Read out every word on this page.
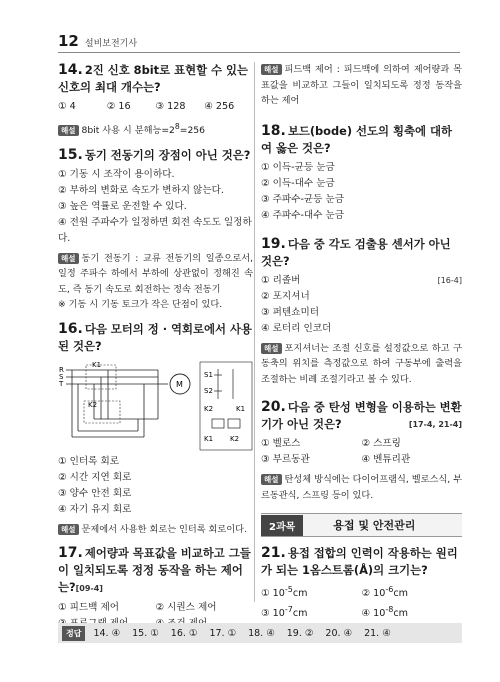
12 설비보전기사
14. 2진 신호 8bit로 표현할 수 있는 신호의 최대 개수는?
① 4	② 16	③ 128	④ 256
해설 8bit 사용 시 분해능$=2^8=256$
15. 동기 전동기의 장점이 아닌 것은?
① 기동 시 조작이 용이하다.
② 부하의 변화로 속도가 변하지 않는다.
③ 높은 역률로 운전할 수 있다.
④ 전원 주파수가 일정하면 회전 속도도 일정하다.
해설 동기 전동기 : 교류 전동기의 일종으로서, 일정 주파수 하에서 부하에 상관없이 정해진 속도, 즉 동기 속도로 회전하는 정속 전동기
※ 기동 시 기동 토크가 작은 단점이 있다.
16. 다음 모터의 정 · 역회로에서 사용된 것은?
R
S
T
K1
K2
M
S1
S2
K2	K1
K1 K2
① 인터록 회로
② 시간 지연 회로
③ 양수 안전 회로
④ 자기 유지 회로
해설 문제에서 사용한 회로는 인터록 회로이다.
17. 제어량과 목표값을 비교하고 그들이 일치되도록 정정 동작을 하는 제어는?[09-4]
① 피드백 제어	② 시퀀스 제어
해설 피드백 제어 : 피드백에 의하여 제어량과 목표값을 비교하고 그들이 일치되도록 정정 동작을 하는 제어
18. 보드(bode) 선도의 횡축에 대하여 옳은 것은?
① 이득-균등 눈금
② 이득-대수 눈금
③ 주파수-균등 눈금
④ 주파수-대수 눈금
19. 다음 중 각도 검출용 센서가 아닌 것은?
① 리졸버	[16-4]
② 포지셔너
③ 퍼텐쇼미터
④ 로터리 인코더
해설 포지셔너는 조절 신호를 설정값으로 하고 구동축의 위치를 측정값으로 하여 구동부에 출력을 조절하는 비례 조절기라고 볼 수 있다.
20. 다음 중 탄성 변형을 이용하는 변환기가 아닌 것은?	[17-4, 21-4]
① 벨로스	② 스프링
③ 부르동관	④ 벤튜리관
해설 탄성체 방식에는 다이어프램식, 벨로스식, 부르동관식, 스프링 등이 있다.
2과목	용접 및 안전관리
21. 용접 접합의 인력이 작용하는 원리가 되는 1옴스트롬(Å)의 크기는?
① $10^{-5}cm$	② $10^{-6}cm$
③ $10^{-7}cm$	④ $10^{-8}cm$
정답	14. ④ 15. ① 16. ① 17. ① 18. ④ 19. ② 20. ④ 21. ④
